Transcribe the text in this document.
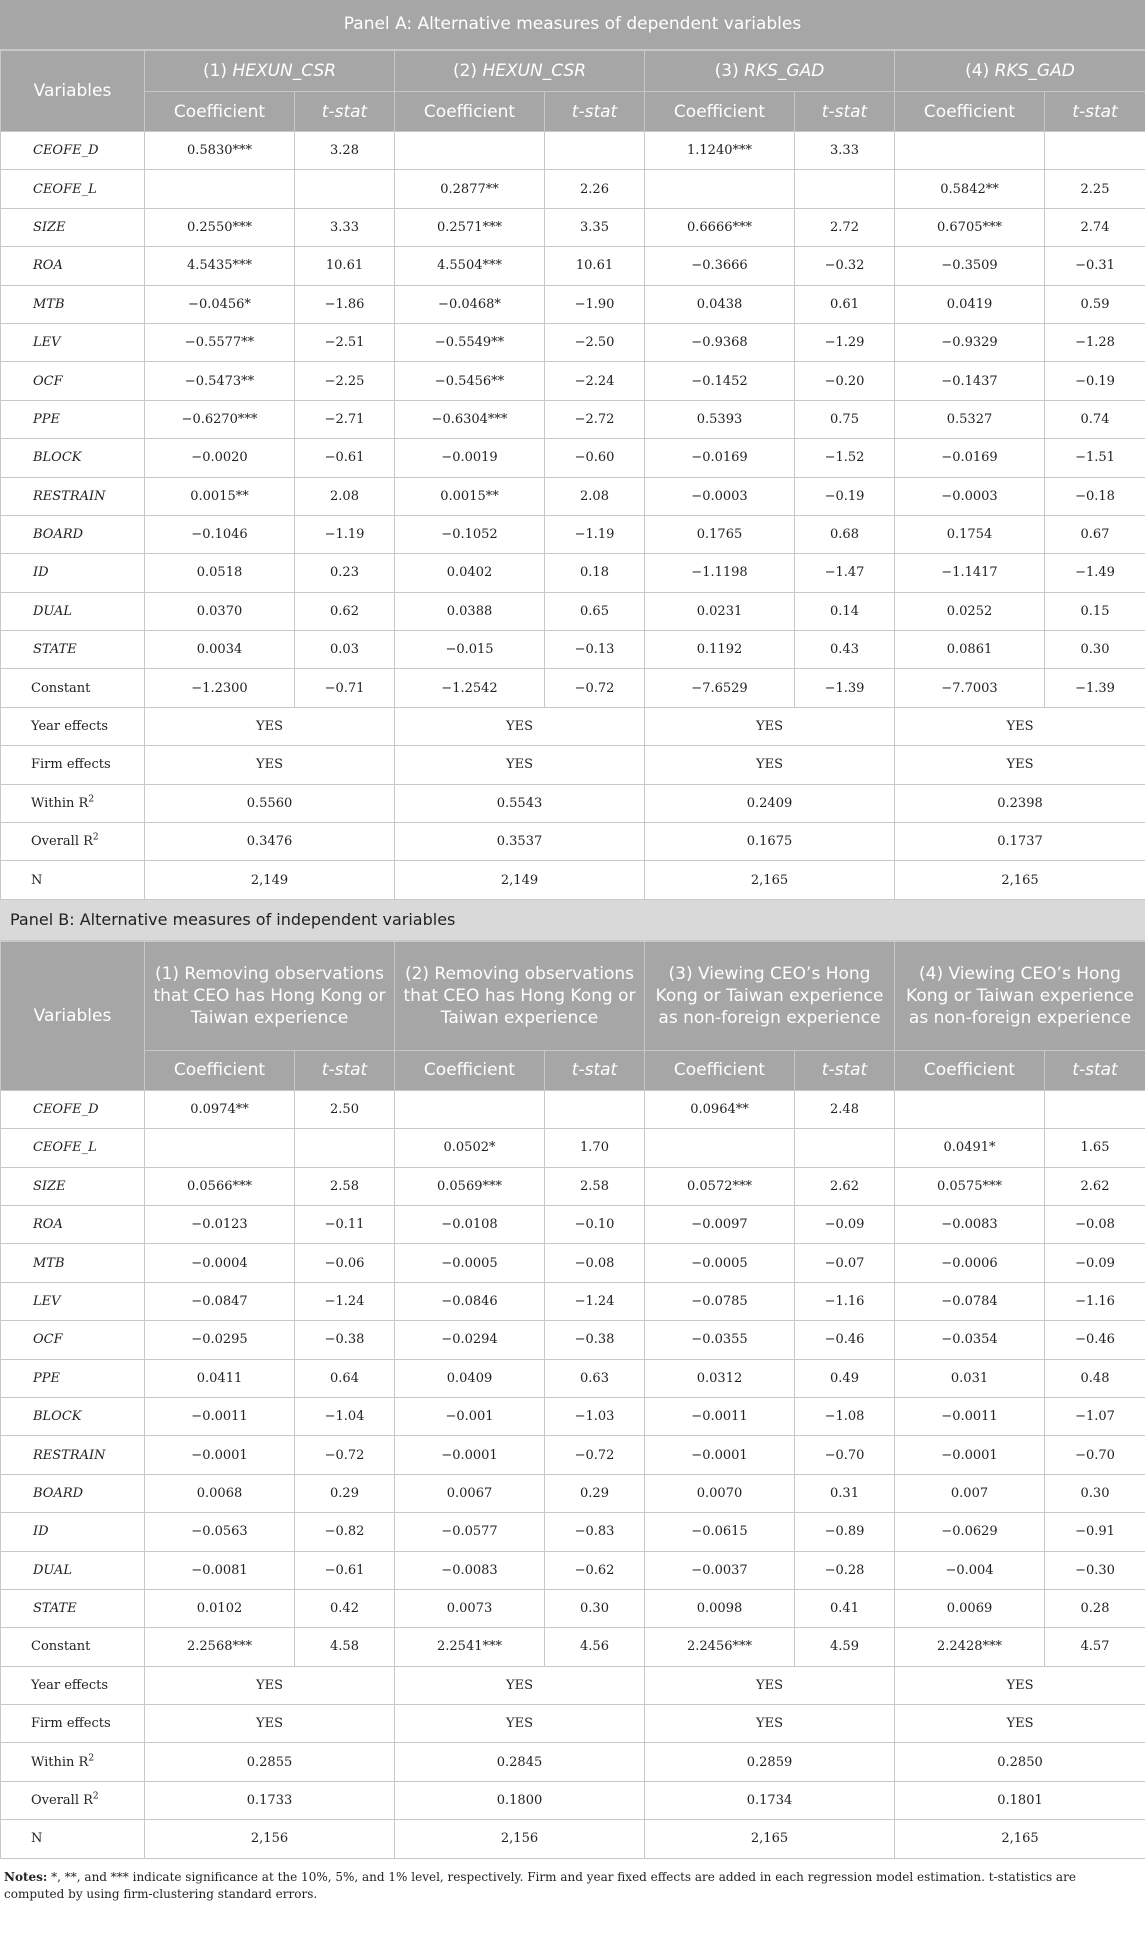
Panel A: Alternative measures of dependent variables
Variables	(1) HEXUN_CSR		(2) HEXUN_CSR		(3) RKS_GAD		(4) RKS_GAD	
	Coefficient	t-stat	Coefficient	t-stat	Coefficient	t-stat	Coefficient	t-stat
CEOFE_D	0.5830***	3.28			1.1240***	3.33		
CEOFE_L			0.2877**	2.26			0.5842**	2.25
SIZE	0.2550***	3.33	0.2571***	3.35	0.6666***	2.72	0.6705***	2.74
ROA	4.5435***	10.61	4.5504***	10.61	−0.3666	−0.32	−0.3509	−0.31
MTB	−0.0456*	−1.86	−0.0468*	−1.90	0.0438	0.61	0.0419	0.59
LEV	−0.5577**	−2.51	−0.5549**	−2.50	−0.9368	−1.29	−0.9329	−1.28
OCF	−0.5473**	−2.25	−0.5456**	−2.24	−0.1452	−0.20	−0.1437	−0.19
PPE	−0.6270***	−2.71	−0.6304***	−2.72	0.5393	0.75	0.5327	0.74
BLOCK	−0.0020	−0.61	−0.0019	−0.60	−0.0169	−1.52	−0.0169	−1.51
RESTRAIN	0.0015**	2.08	0.0015**	2.08	−0.0003	−0.19	−0.0003	−0.18
BOARD	−0.1046	−1.19	−0.1052	−1.19	0.1765	0.68	0.1754	0.67
ID	0.0518	0.23	0.0402	0.18	−1.1198	−1.47	−1.1417	−1.49
DUAL	0.0370	0.62	0.0388	0.65	0.0231	0.14	0.0252	0.15
STATE	0.0034	0.03	−0.015	−0.13	0.1192	0.43	0.0861	0.30
Constant	−1.2300	−0.71	−1.2542	−0.72	−7.6529	−1.39	−7.7003	−1.39
Year effects	YES		YES		YES		YES	
Firm effects	YES		YES		YES		YES	
Within $R^2$	0.5560		0.5543		0.2409		0.2398	
Overall $R^2$	0.3476		0.3537		0.1675		0.1737	
N	2,149		2,149		2,165		2,165	
Panel B: Alternative measures of independent variables
Variables	(1) Removing observations that CEO has Hong Kong or Taiwan experience		(2) Removing observations that CEO has Hong Kong or Taiwan experience		(3) Viewing CEO’s Hong Kong or Taiwan experience as non-foreign experience		(4) Viewing CEO’s Hong Kong or Taiwan experience as non-foreign experience	
	Coefficient	t-stat	Coefficient	t-stat	Coefficient	t-stat	Coefficient	t-stat
CEOFE_D	0.0974**	2.50			0.0964**	2.48		
CEOFE_L			0.0502*	1.70			0.0491*	1.65
SIZE	0.0566***	2.58	0.0569***	2.58	0.0572***	2.62	0.0575***	2.62
ROA	−0.0123	−0.11	−0.0108	−0.10	−0.0097	−0.09	−0.0083	−0.08
MTB	−0.0004	−0.06	−0.0005	−0.08	−0.0005	−0.07	−0.0006	−0.09
LEV	−0.0847	−1.24	−0.0846	−1.24	−0.0785	−1.16	−0.0784	−1.16
OCF	−0.0295	−0.38	−0.0294	−0.38	−0.0355	−0.46	−0.0354	−0.46
PPE	0.0411	0.64	0.0409	0.63	0.0312	0.49	0.031	0.48
BLOCK	−0.0011	−1.04	−0.001	−1.03	−0.0011	−1.08	−0.0011	−1.07
RESTRAIN	−0.0001	−0.72	−0.0001	−0.72	−0.0001	−0.70	−0.0001	−0.70
BOARD	0.0068	0.29	0.0067	0.29	0.0070	0.31	0.007	0.30
ID	−0.0563	−0.82	−0.0577	−0.83	−0.0615	−0.89	−0.0629	−0.91
DUAL	−0.0081	−0.61	−0.0083	−0.62	−0.0037	−0.28	−0.004	−0.30
STATE	0.0102	0.42	0.0073	0.30	0.0098	0.41	0.0069	0.28
Constant	2.2568***	4.58	2.2541***	4.56	2.2456***	4.59	2.2428***	4.57
Year effects	YES		YES		YES		YES	
Firm effects	YES		YES		YES		YES	
Within $R^2$	0.2855		0.2845		0.2859		0.2850	
Overall $R^2$	0.1733		0.1800		0.1734		0.1801	
N	2,156		2,156		2,165		2,165	
Notes: *, **, and *** indicate significance at the 10%, 5%, and 1% level, respectively. Firm and year fixed effects are added in each regression model estimation. t-statistics are computed by using firm-clustering standard errors.
